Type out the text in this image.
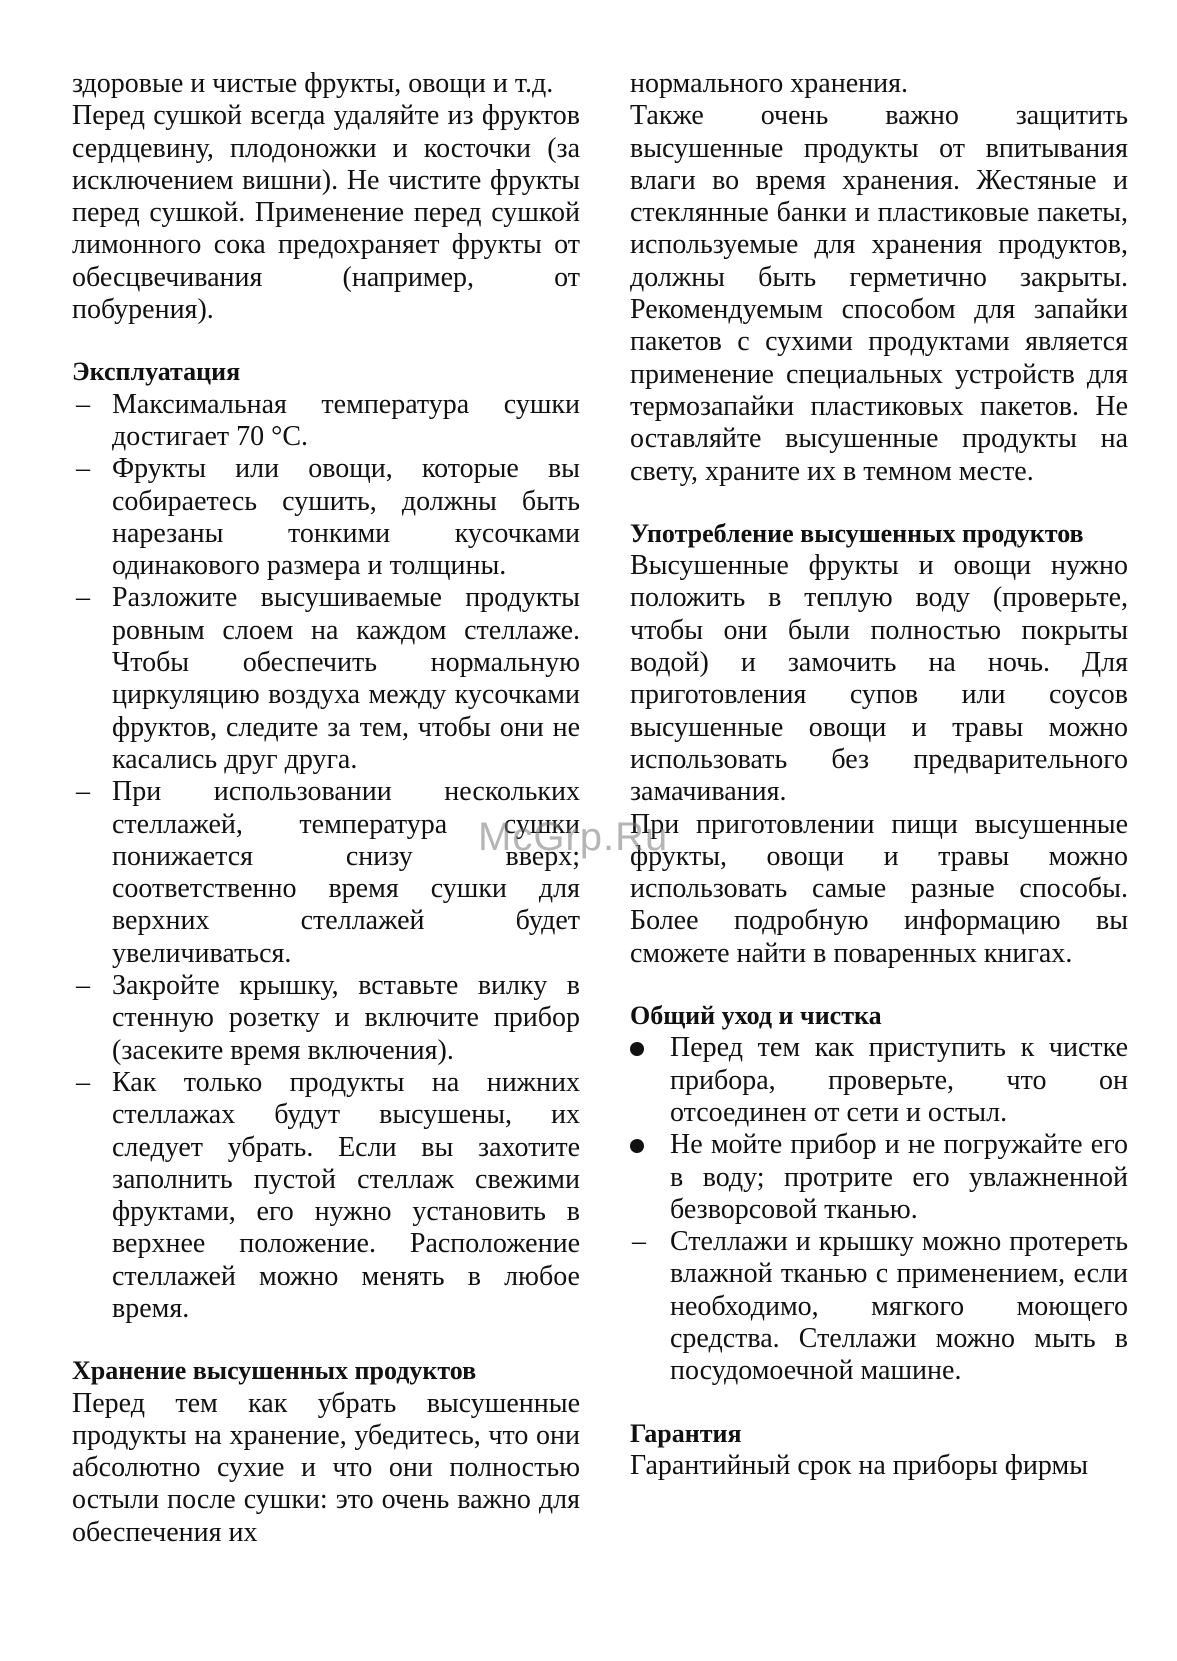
здоровые и чистые фрукты, овощи и т.д.

Перед сушкой всегда удаляйте из фруктов сердцевину, плодоножки и косточки (за исключением вишни). Не чистите фрукты перед сушкой. Применение перед сушкой лимонного сока предохраняет фрукты от обесцвечивания (например, от побурения).

Эксплуатация
– Максимальная температура сушки достигает 70 °С.
– Фрукты или овощи, которые вы собираетесь сушить, должны быть нарезаны тонкими кусочками одинакового размера и толщины.
– Разложите высушиваемые продукты ровным слоем на каждом стеллаже. Чтобы обеспечить нормальную циркуляцию воздуха между кусочками фруктов, следите за тем, чтобы они не касались друг друга.
– При использовании нескольких стеллажей, температура сушки понижается снизу вверх; соответственно время сушки для верхних стеллажей будет увеличиваться.
– Закройте крышку, вставьте вилку в стенную розетку и включите прибор (засеките время включения).
– Как только продукты на нижних стеллажах будут высушены, их следует убрать. Если вы захотите заполнить пустой стеллаж свежими фруктами, его нужно установить в верхнее положение. Расположение стеллажей можно менять в любое время.
Хранение высушенных продуктов

Перед тем как убрать высушенные продукты на хранение, убедитесь, что они абсолютно сухие и что они полностью остыли после сушки: это очень важно для обеспечения их

нормального хранения.

Также очень важно защитить высушенные продукты от впитывания влаги во время хранения. Жестяные и стеклянные банки и пластиковые пакеты, используемые для хранения продуктов, должны быть герметично закрыты. Рекомендуемым способом для запайки пакетов с сухими продуктами является применение специальных устройств для термозапайки пластиковых пакетов. Не оставляйте высушенные продукты на свету, храните их в темном месте.

Употребление высушенных продуктов

Высушенные фрукты и овощи нужно положить в теплую воду (проверьте, чтобы они были полностью покрыты водой) и замочить на ночь. Для приготовления супов или соусов высушенные овощи и травы можно использовать без предварительного замачивания.

При приготовлении пищи высушенные фрукты, овощи и травы можно использовать самые разные способы. Более подробную информацию вы сможете найти в поваренных книгах.

Общий уход и чистка
Перед тем как приступить к чистке прибора, проверьте, что он отсоединен от сети и остыл.
Не мойте прибор и не погружайте его в воду; протрите его увлажненной безворсовой тканью.
– Стеллажи и крышку можно протереть влажной тканью с применением, если необходимо, мягкого моющего средства. Стеллажи можно мыть в посудомоечной машине.
Гарантия

Гарантийный срок на приборы фирмы

McGrp.Ru
